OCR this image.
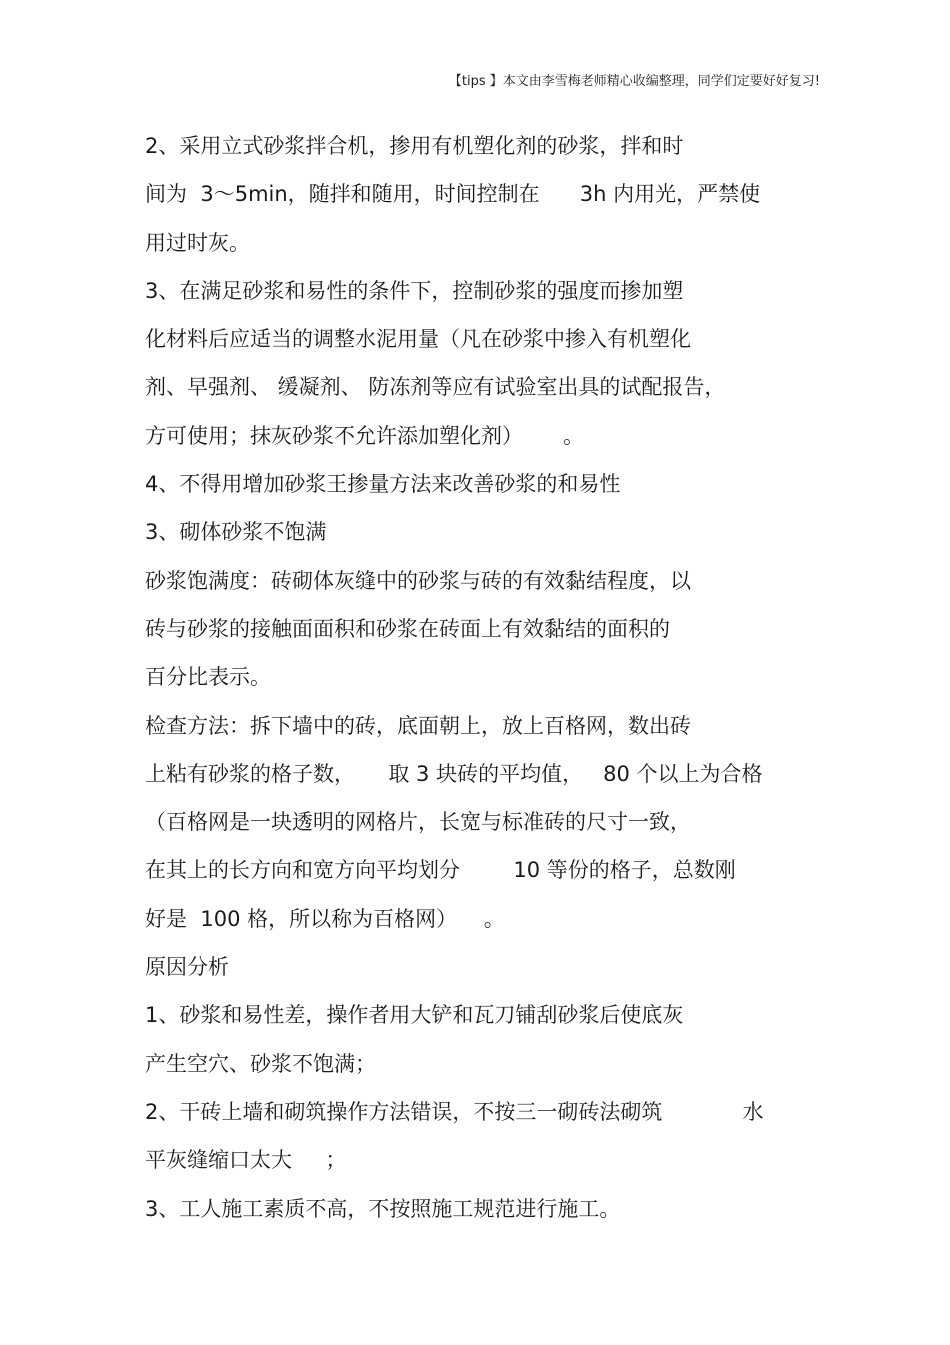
【tips 】本文由李雪梅老师精心收编整理，同学们定要好好复习!
2、采用立式砂浆拌合机，掺用有机塑化剂的砂浆，拌和时
间为  3～5min，随拌和随用，时间控制在      3h 内用光，严禁使
用过时灰。
3、在满足砂浆和易性的条件下，控制砂浆的强度而掺加塑
化材料后应适当的调整水泥用量（凡在砂浆中掺入有机塑化
剂、早强剂、 缓凝剂、 防冻剂等应有试验室出具的试配报告，
方可使用；抹灰砂浆不允许添加塑化剂）      。
4、不得用增加砂浆王掺量方法来改善砂浆的和易性
3、砌体砂浆不饱满
砂浆饱满度：砖砌体灰缝中的砂浆与砖的有效黏结程度，以
砖与砂浆的接触面面积和砂浆在砖面上有效黏结的面积的
百分比表示。
检查方法：拆下墙中的砖，底面朝上，放上百格网，数出砖
上粘有砂浆的格子数，     取 3 块砖的平均值，   80 个以上为合格
（百格网是一块透明的网格片，长宽与标准砖的尺寸一致，
在其上的长方向和宽方向平均划分        10 等份的格子，总数刚
好是  100 格，所以称为百格网）    。
原因分析
1、砂浆和易性差，操作者用大铲和瓦刀铺刮砂浆后使底灰
产生空穴、砂浆不饱满；
2、干砖上墙和砌筑操作方法错误，不按三一砌砖法砌筑            水
平灰缝缩口太大     ；
3、工人施工素质不高，不按照施工规范进行施工。
